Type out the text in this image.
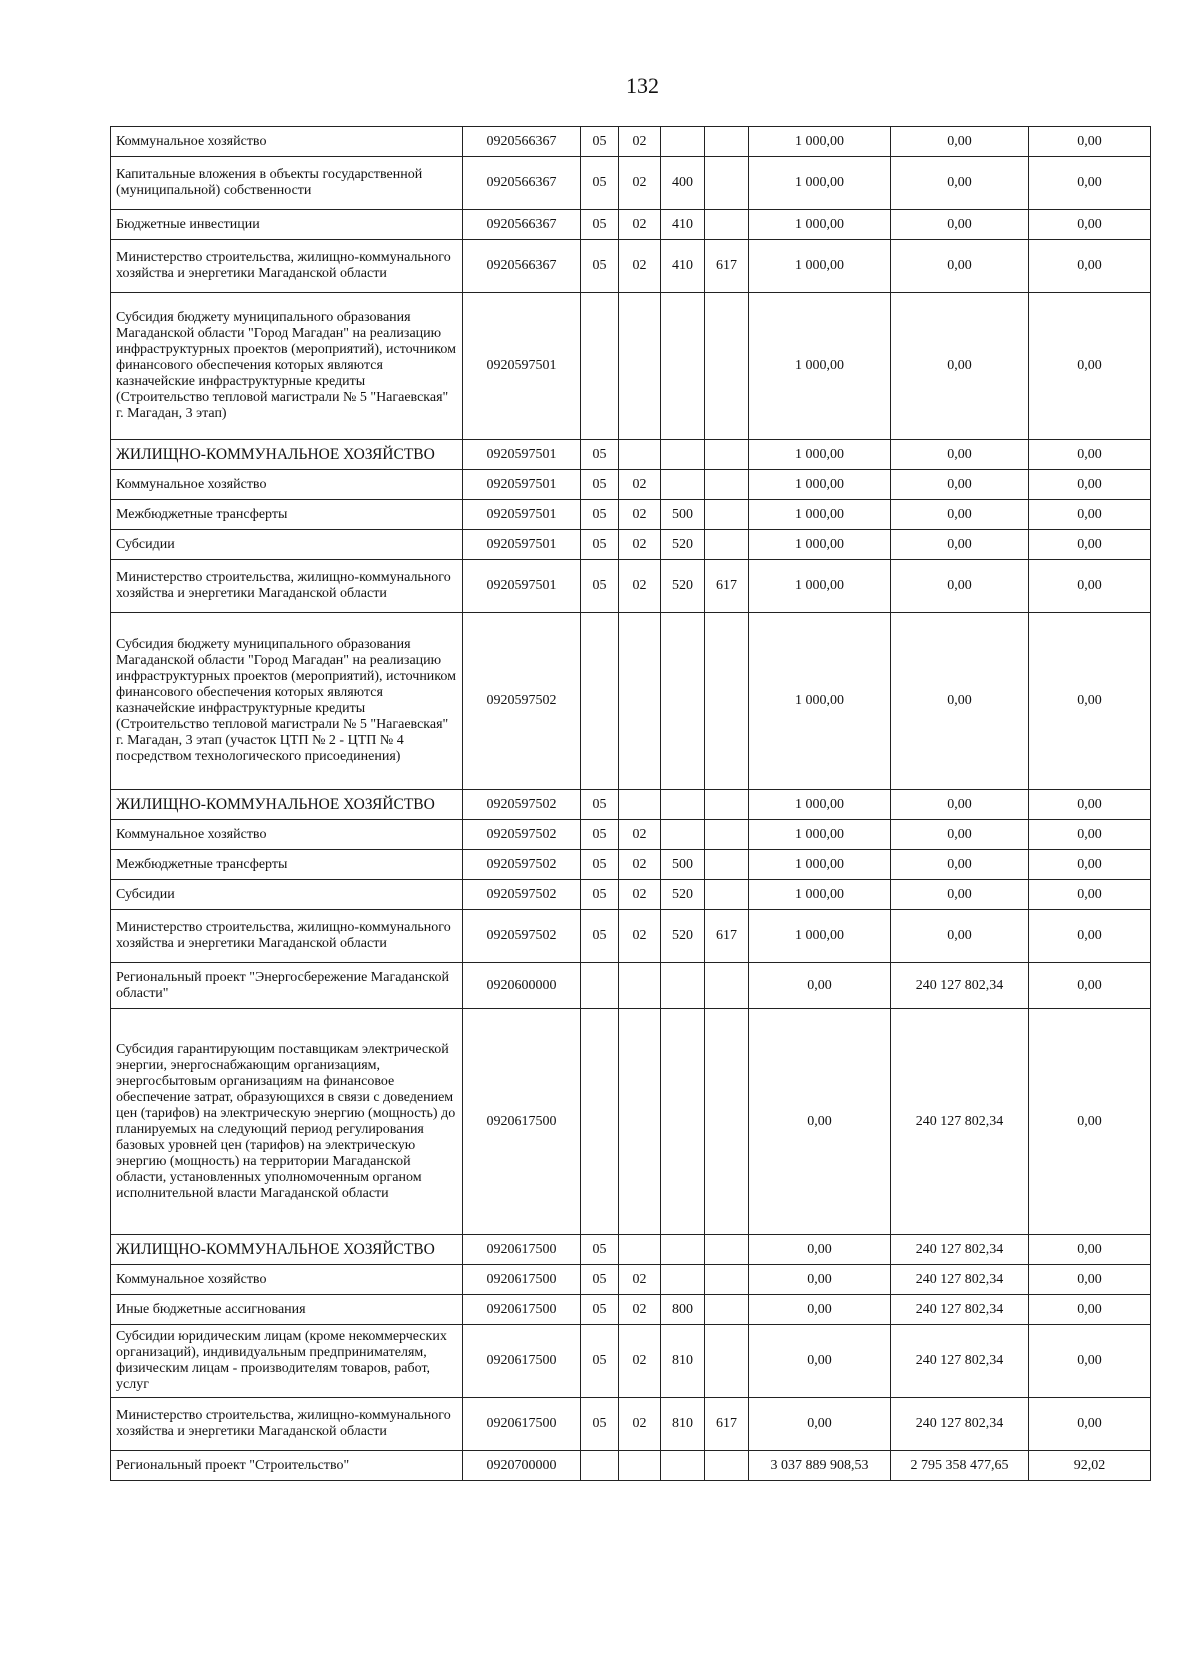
132
Коммунальное хозяйство	0920566367	05	02			1 000,00	0,00	0,00
Капитальные вложения в объекты государственной (муниципальной) собственности	0920566367	05	02	400		1 000,00	0,00	0,00
Бюджетные инвестиции	0920566367	05	02	410		1 000,00	0,00	0,00
Министерство строительства, жилищно-коммунального хозяйства и энергетики Магаданской области	0920566367	05	02	410	617	1 000,00	0,00	0,00
Субсидия бюджету муниципального образования Магаданской области "Город Магадан" на реализацию инфраструктурных проектов (мероприятий), источником финансового обеспечения которых являются казначейские инфраструктурные кредиты (Строительство тепловой магистрали № 5 "Нагаевская" г. Магадан, 3 этап)	0920597501					1 000,00	0,00	0,00
ЖИЛИЩНО-КОММУНАЛЬНОЕ ХОЗЯЙСТВО	0920597501	05				1 000,00	0,00	0,00
Коммунальное хозяйство	0920597501	05	02			1 000,00	0,00	0,00
Межбюджетные трансферты	0920597501	05	02	500		1 000,00	0,00	0,00
Субсидии	0920597501	05	02	520		1 000,00	0,00	0,00
Министерство строительства, жилищно-коммунального хозяйства и энергетики Магаданской области	0920597501	05	02	520	617	1 000,00	0,00	0,00
Субсидия бюджету муниципального образования Магаданской области "Город Магадан" на реализацию инфраструктурных проектов (мероприятий), источником финансового обеспечения которых являются казначейские инфраструктурные кредиты (Строительство тепловой магистрали № 5 "Нагаевская" г. Магадан, 3 этап (участок ЦТП № 2 - ЦТП № 4 посредством технологического присоединения)	0920597502					1 000,00	0,00	0,00
ЖИЛИЩНО-КОММУНАЛЬНОЕ ХОЗЯЙСТВО	0920597502	05				1 000,00	0,00	0,00
Коммунальное хозяйство	0920597502	05	02			1 000,00	0,00	0,00
Межбюджетные трансферты	0920597502	05	02	500		1 000,00	0,00	0,00
Субсидии	0920597502	05	02	520		1 000,00	0,00	0,00
Министерство строительства, жилищно-коммунального хозяйства и энергетики Магаданской области	0920597502	05	02	520	617	1 000,00	0,00	0,00
Региональный проект "Энергосбережение Магаданской области"	0920600000					0,00	240 127 802,34	0,00
Субсидия гарантирующим поставщикам электрической энергии, энергоснабжающим организациям, энергосбытовым организациям на финансовое обеспечение затрат, образующихся в связи с доведением цен (тарифов) на электрическую энергию (мощность) до планируемых на следующий период регулирования базовых уровней цен (тарифов) на электрическую энергию (мощность) на территории Магаданской области, установленных уполномоченным органом исполнительной власти Магаданской области	0920617500					0,00	240 127 802,34	0,00
ЖИЛИЩНО-КОММУНАЛЬНОЕ ХОЗЯЙСТВО	0920617500	05				0,00	240 127 802,34	0,00
Коммунальное хозяйство	0920617500	05	02			0,00	240 127 802,34	0,00
Иные бюджетные ассигнования	0920617500	05	02	800		0,00	240 127 802,34	0,00
Субсидии юридическим лицам (кроме некоммерческих организаций), индивидуальным предпринимателям, физическим лицам - производителям товаров, работ, услуг	0920617500	05	02	810		0,00	240 127 802,34	0,00
Министерство строительства, жилищно-коммунального хозяйства и энергетики Магаданской области	0920617500	05	02	810	617	0,00	240 127 802,34	0,00
Региональный проект "Строительство"	0920700000					3 037 889 908,53	2 795 358 477,65	92,02
